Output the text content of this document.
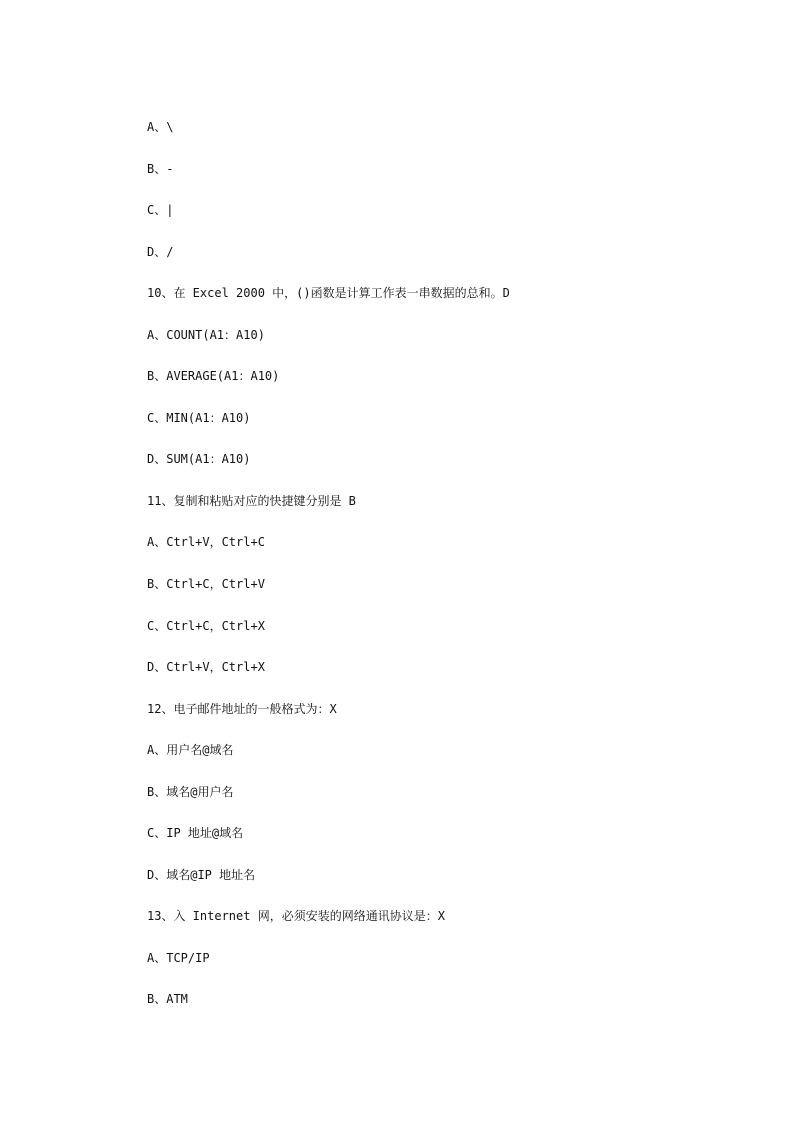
A、\
B、-
C、|
D、/
10、在 Excel 2000 中，()函数是计算工作表一串数据的总和。D
A、COUNT(A1：A10)
B、AVERAGE(A1：A10)
C、MIN(A1：A10)
D、SUM(A1：A10)
11、复制和粘贴对应的快捷键分别是 B
A、Ctrl+V，Ctrl+C
B、Ctrl+C，Ctrl+V
C、Ctrl+C，Ctrl+X
D、Ctrl+V，Ctrl+X
12、电子邮件地址的一般格式为：X
A、用户名@域名
B、域名@用户名
C、IP 地址@域名
D、域名@IP 地址名
13、入 Internet 网，必须安装的网络通讯协议是：X
A、TCP/IP
B、ATM
